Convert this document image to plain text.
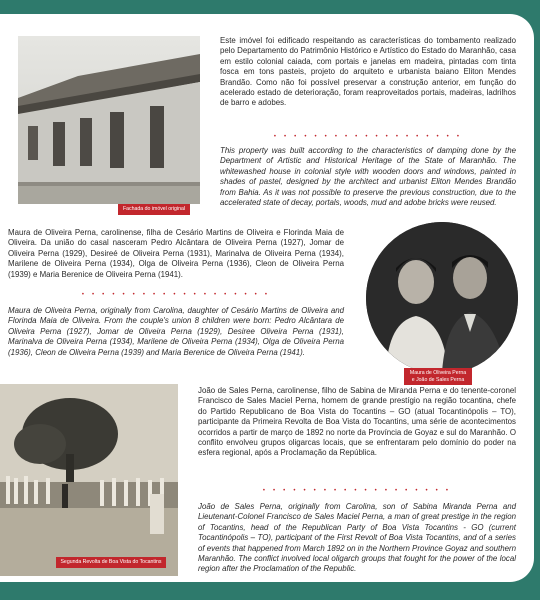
Fachada do imóvel original
Este imóvel foi edificado respeitando as características do tombamento realizado pelo Departamento do Patrimônio Histórico e Artístico do Estado do Maranhão, casa em estilo colonial caiada, com portais e janelas em madeira, pintadas com tinta fosca em tons pasteis, projeto do arquiteto e urbanista baiano Eliton Mendes Brandão. Como não foi possível preservar a construção anterior, em função do acelerado estado de deterioração, foram reaproveitados portais, madeiras, ladrilhos de barro e adobes.
• • • • • • • • • • • • • • • • • • •
This property was built according to the characteristics of damping done by the Department of Artistic and Historical Heritage of the State of Maranhão. The whitewashed house in colonial style with wooden doors and windows, painted in shades of pastel, designed by the architect and urbanist Eliton Mendes Brandão from Bahia. As it was not possible to preserve the previous construction, due to the accelerated state of decay, portals, woods, mud and adobe bricks were reused.
Maura de Oliveira Perna, carolinense, filha de Cesário Martins de Oliveira e Florinda Maia de Oliveira. Da união do casal nasceram Pedro Alcântara de Oliveira Perna (1927), Jomar de Oliveira Perna (1929), Desireé de Oliveira Perna (1931), Marinalva de Oliveira Perna (1934), Marilene de Oliveira Perna (1934), Olga de Oliveira Perna (1936), Cleon de Oliveira Perna (1939) e Maria Berenice de Oliveira Perna (1941).
• • • • • • • • • • • • • • • • • • •
Maura de Oliveira Perna, originally from Carolina, daughter of Cesário Martins de Oliveira and Florinda Maia de Oliveira. From the couple's union 8 children were born: Pedro Alcântara de Oliveira Perna (1927), Jomar de Oliveira Perna (1929), Desiree Oliveira Perna (1931), Marinalva de Oliveira Perna (1934), Marilene de Oliveira Perna (1934), Olga de Oliveira Perna (1936), Cleon de Oliveira Perna (1939) and Maria Berenice de Oliveira Perna (1941).
Maura de Oliveira Perna
e João de Sales Perna
Segunda Revolta de Boa Vista do Tocantins
João de Sales Perna, carolinense, filho de Sabina de Miranda Perna e do tenente-coronel Francisco de Sales Maciel Perna, homem de grande prestígio na região tocantina, chefe do Partido Republicano de Boa Vista do Tocantins – GO (atual Tocantinópolis – TO), participante da Primeira Revolta de Boa Vista do Tocantins, uma série de acontecimentos ocorridos a partir de março de 1892 no norte da Província de Goyaz e sul do Maranhão. O conflito envolveu grupos oligarcas locais, que se enfrentaram pelo domínio do poder na esfera regional, após a Proclamação da República.
• • • • • • • • • • • • • • • • • • •
João de Sales Perna, originally from Carolina, son of Sabina Miranda Perna and Lieutenant-Colonel Francisco de Sales Maciel Perna, a man of great prestige in the region of Tocantins, head of the Republican Party of Boa Vista Tocantins - GO (current Tocantinópolis – TO), participant of the First Revolt of Boa Vista Tocantins, and of a series of events that happened from March 1892 on in the Northern Province Goyaz and southern Maranhão. The conflict involved local oligarch groups that fought for the power of the local region after the Proclamation of the Republic.
